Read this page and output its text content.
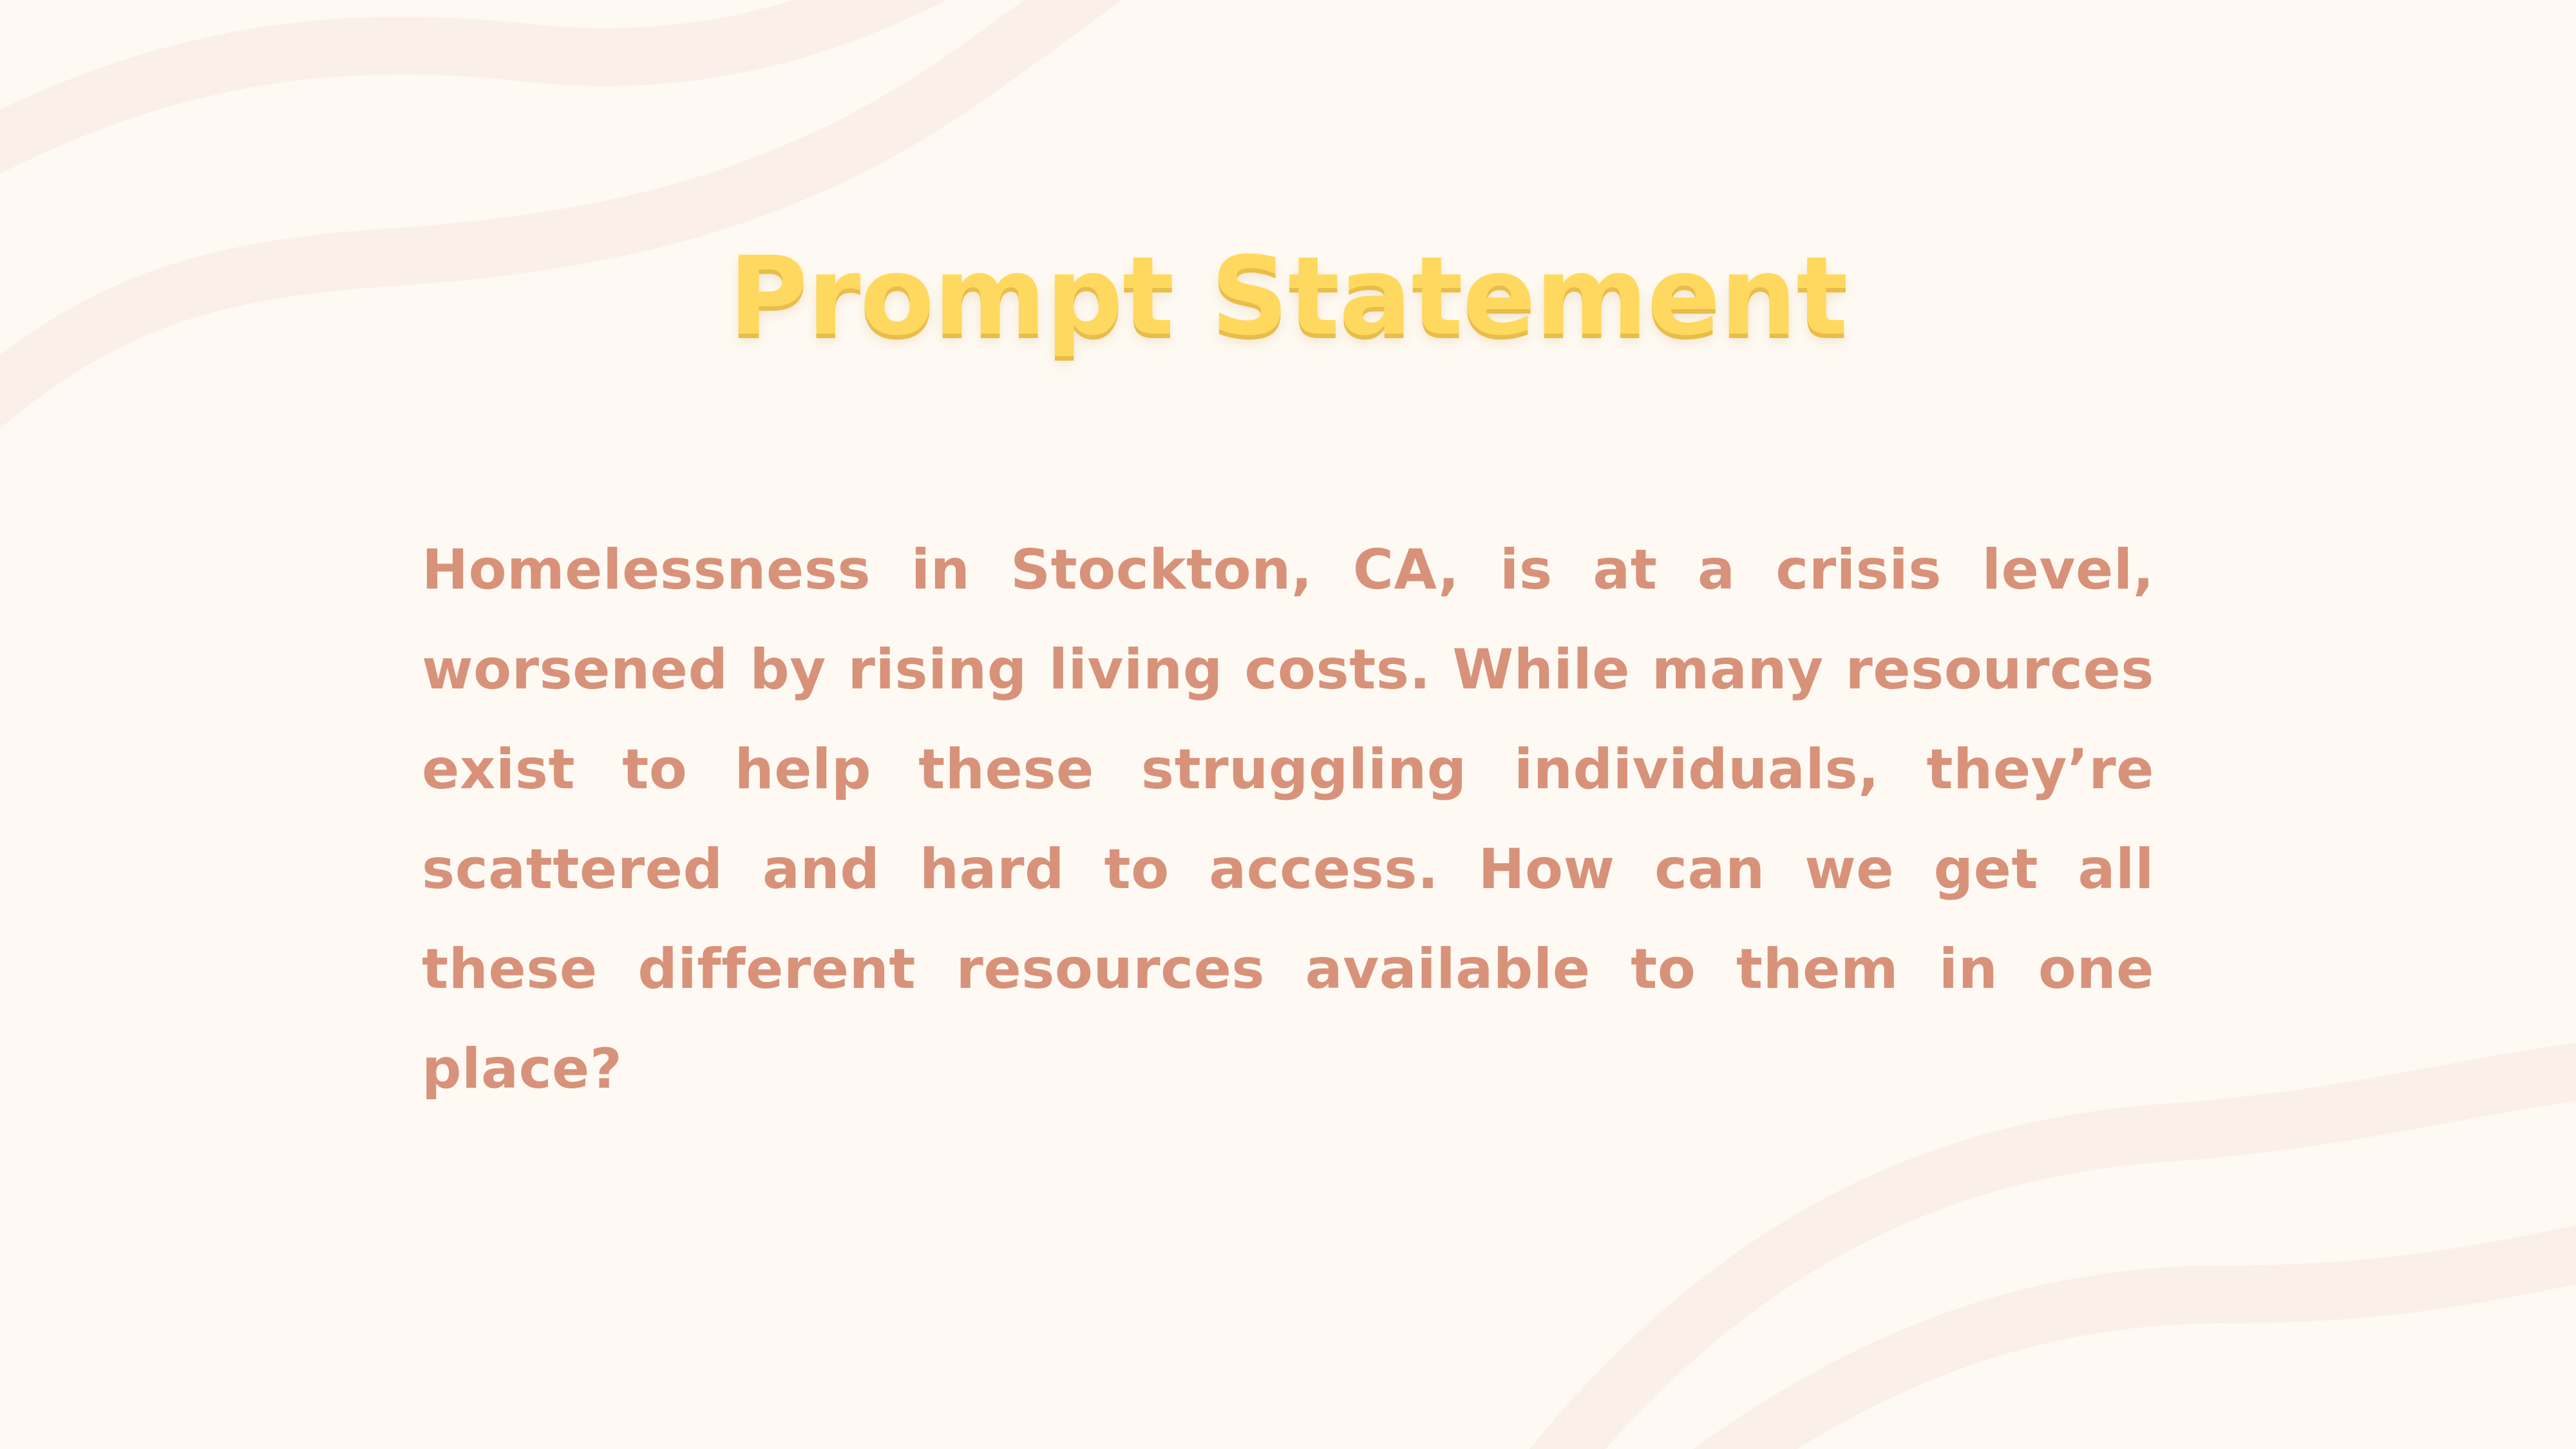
Prompt Statement

Homelessness in Stockton, CA, is at a crisis level, worsened by rising living costs. While many resources exist to help these struggling individuals, they’re scattered and hard to access. How can we get all these different resources available to them in one place?
